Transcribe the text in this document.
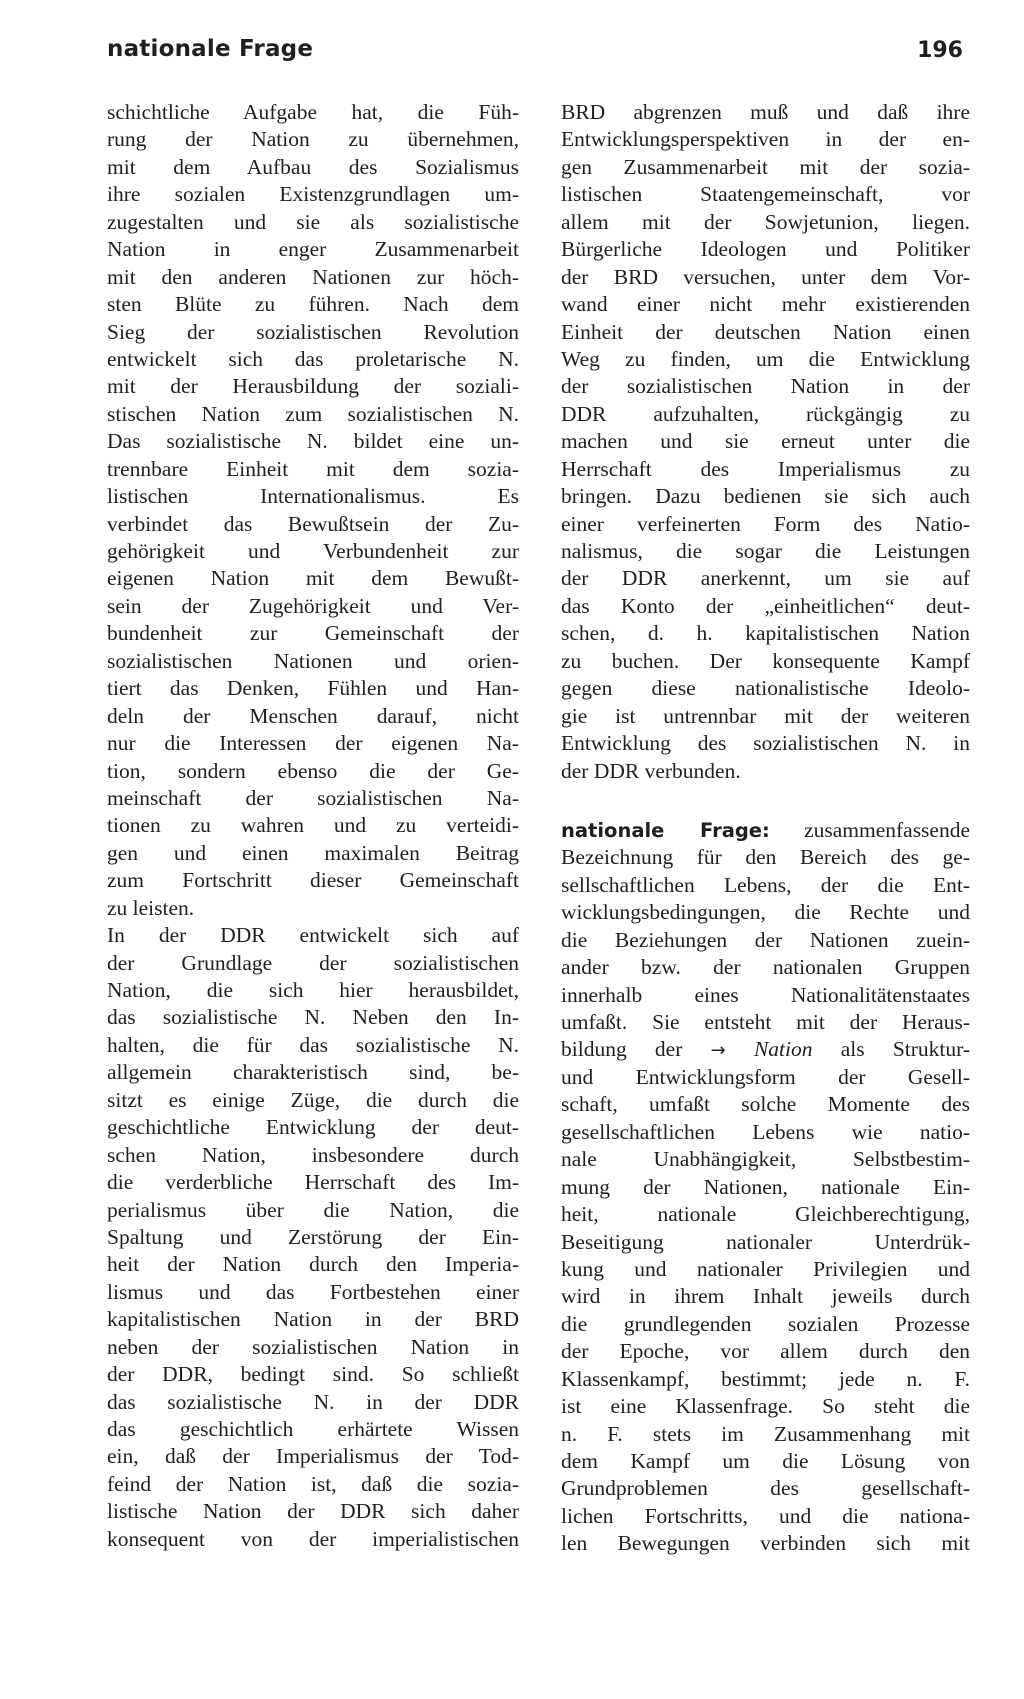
nationale Frage	196
schichtliche Aufgabe hat, die Füh-
rung der Nation zu übernehmen,
mit dem Aufbau des Sozialismus
ihre sozialen Existenzgrundlagen um-
zugestalten und sie als sozialistische
Nation in enger Zusammenarbeit
mit den anderen Nationen zur höch-
sten Blüte zu führen. Nach dem
Sieg der sozialistischen Revolution
entwickelt sich das proletarische N.
mit der Herausbildung der soziali-
stischen Nation zum sozialistischen N.
Das sozialistische N. bildet eine un-
trennbare Einheit mit dem sozia-
listischen Internationalismus. Es
verbindet das Bewußtsein der Zu-
gehörigkeit und Verbundenheit zur
eigenen Nation mit dem Bewußt-
sein der Zugehörigkeit und Ver-
bundenheit zur Gemeinschaft der
sozialistischen Nationen und orien-
tiert das Denken, Fühlen und Han-
deln der Menschen darauf, nicht
nur die Interessen der eigenen Na-
tion, sondern ebenso die der Ge-
meinschaft der sozialistischen Na-
tionen zu wahren und zu verteidi-
gen und einen maximalen Beitrag
zum Fortschritt dieser Gemeinschaft
zu leisten.
In der DDR entwickelt sich auf
der Grundlage der sozialistischen
Nation, die sich hier herausbildet,
das sozialistische N. Neben den In-
halten, die für das sozialistische N.
allgemein charakteristisch sind, be-
sitzt es einige Züge, die durch die
geschichtliche Entwicklung der deut-
schen Nation, insbesondere durch
die verderbliche Herrschaft des Im-
perialismus über die Nation, die
Spaltung und Zerstörung der Ein-
heit der Nation durch den Imperia-
lismus und das Fortbestehen einer
kapitalistischen Nation in der BRD
neben der sozialistischen Nation in
der DDR, bedingt sind. So schließt
das sozialistische N. in der DDR
das geschichtlich erhärtete Wissen
ein, daß der Imperialismus der Tod-
feind der Nation ist, daß die sozia-
listische Nation der DDR sich daher
konsequent von der imperialistischen
BRD abgrenzen muß und daß ihre
Entwicklungsperspektiven in der en-
gen Zusammenarbeit mit der sozia-
listischen Staatengemeinschaft, vor
allem mit der Sowjetunion, liegen.
Bürgerliche Ideologen und Politiker
der BRD versuchen, unter dem Vor-
wand einer nicht mehr existierenden
Einheit der deutschen Nation einen
Weg zu finden, um die Entwicklung
der sozialistischen Nation in der
DDR aufzuhalten, rückgängig zu
machen und sie erneut unter die
Herrschaft des Imperialismus zu
bringen. Dazu bedienen sie sich auch
einer verfeinerten Form des Natio-
nalismus, die sogar die Leistungen
der DDR anerkennt, um sie auf
das Konto der „einheitlichen“ deut-
schen, d. h. kapitalistischen Nation
zu buchen. Der konsequente Kampf
gegen diese nationalistische Ideolo-
gie ist untrennbar mit der weiteren
Entwicklung des sozialistischen N. in
der DDR verbunden.
nationale Frage: zusammenfassende
Bezeichnung für den Bereich des ge-
sellschaftlichen Lebens, der die Ent-
wicklungsbedingungen, die Rechte und
die Beziehungen der Nationen zuein-
ander bzw. der nationalen Gruppen
innerhalb eines Nationalitätenstaates
umfaßt. Sie entsteht mit der Heraus-
bildung der → Nation als Struktur-
und Entwicklungsform der Gesell-
schaft, umfaßt solche Momente des
gesellschaftlichen Lebens wie natio-
nale Unabhängigkeit, Selbstbestim-
mung der Nationen, nationale Ein-
heit, nationale Gleichberechtigung,
Beseitigung nationaler Unterdrük-
kung und nationaler Privilegien und
wird in ihrem Inhalt jeweils durch
die grundlegenden sozialen Prozesse
der Epoche, vor allem durch den
Klassenkampf, bestimmt; jede n. F.
ist eine Klassenfrage. So steht die
n. F. stets im Zusammenhang mit
dem Kampf um die Lösung von
Grundproblemen des gesellschaft-
lichen Fortschritts, und die nationa-
len Bewegungen verbinden sich mit
